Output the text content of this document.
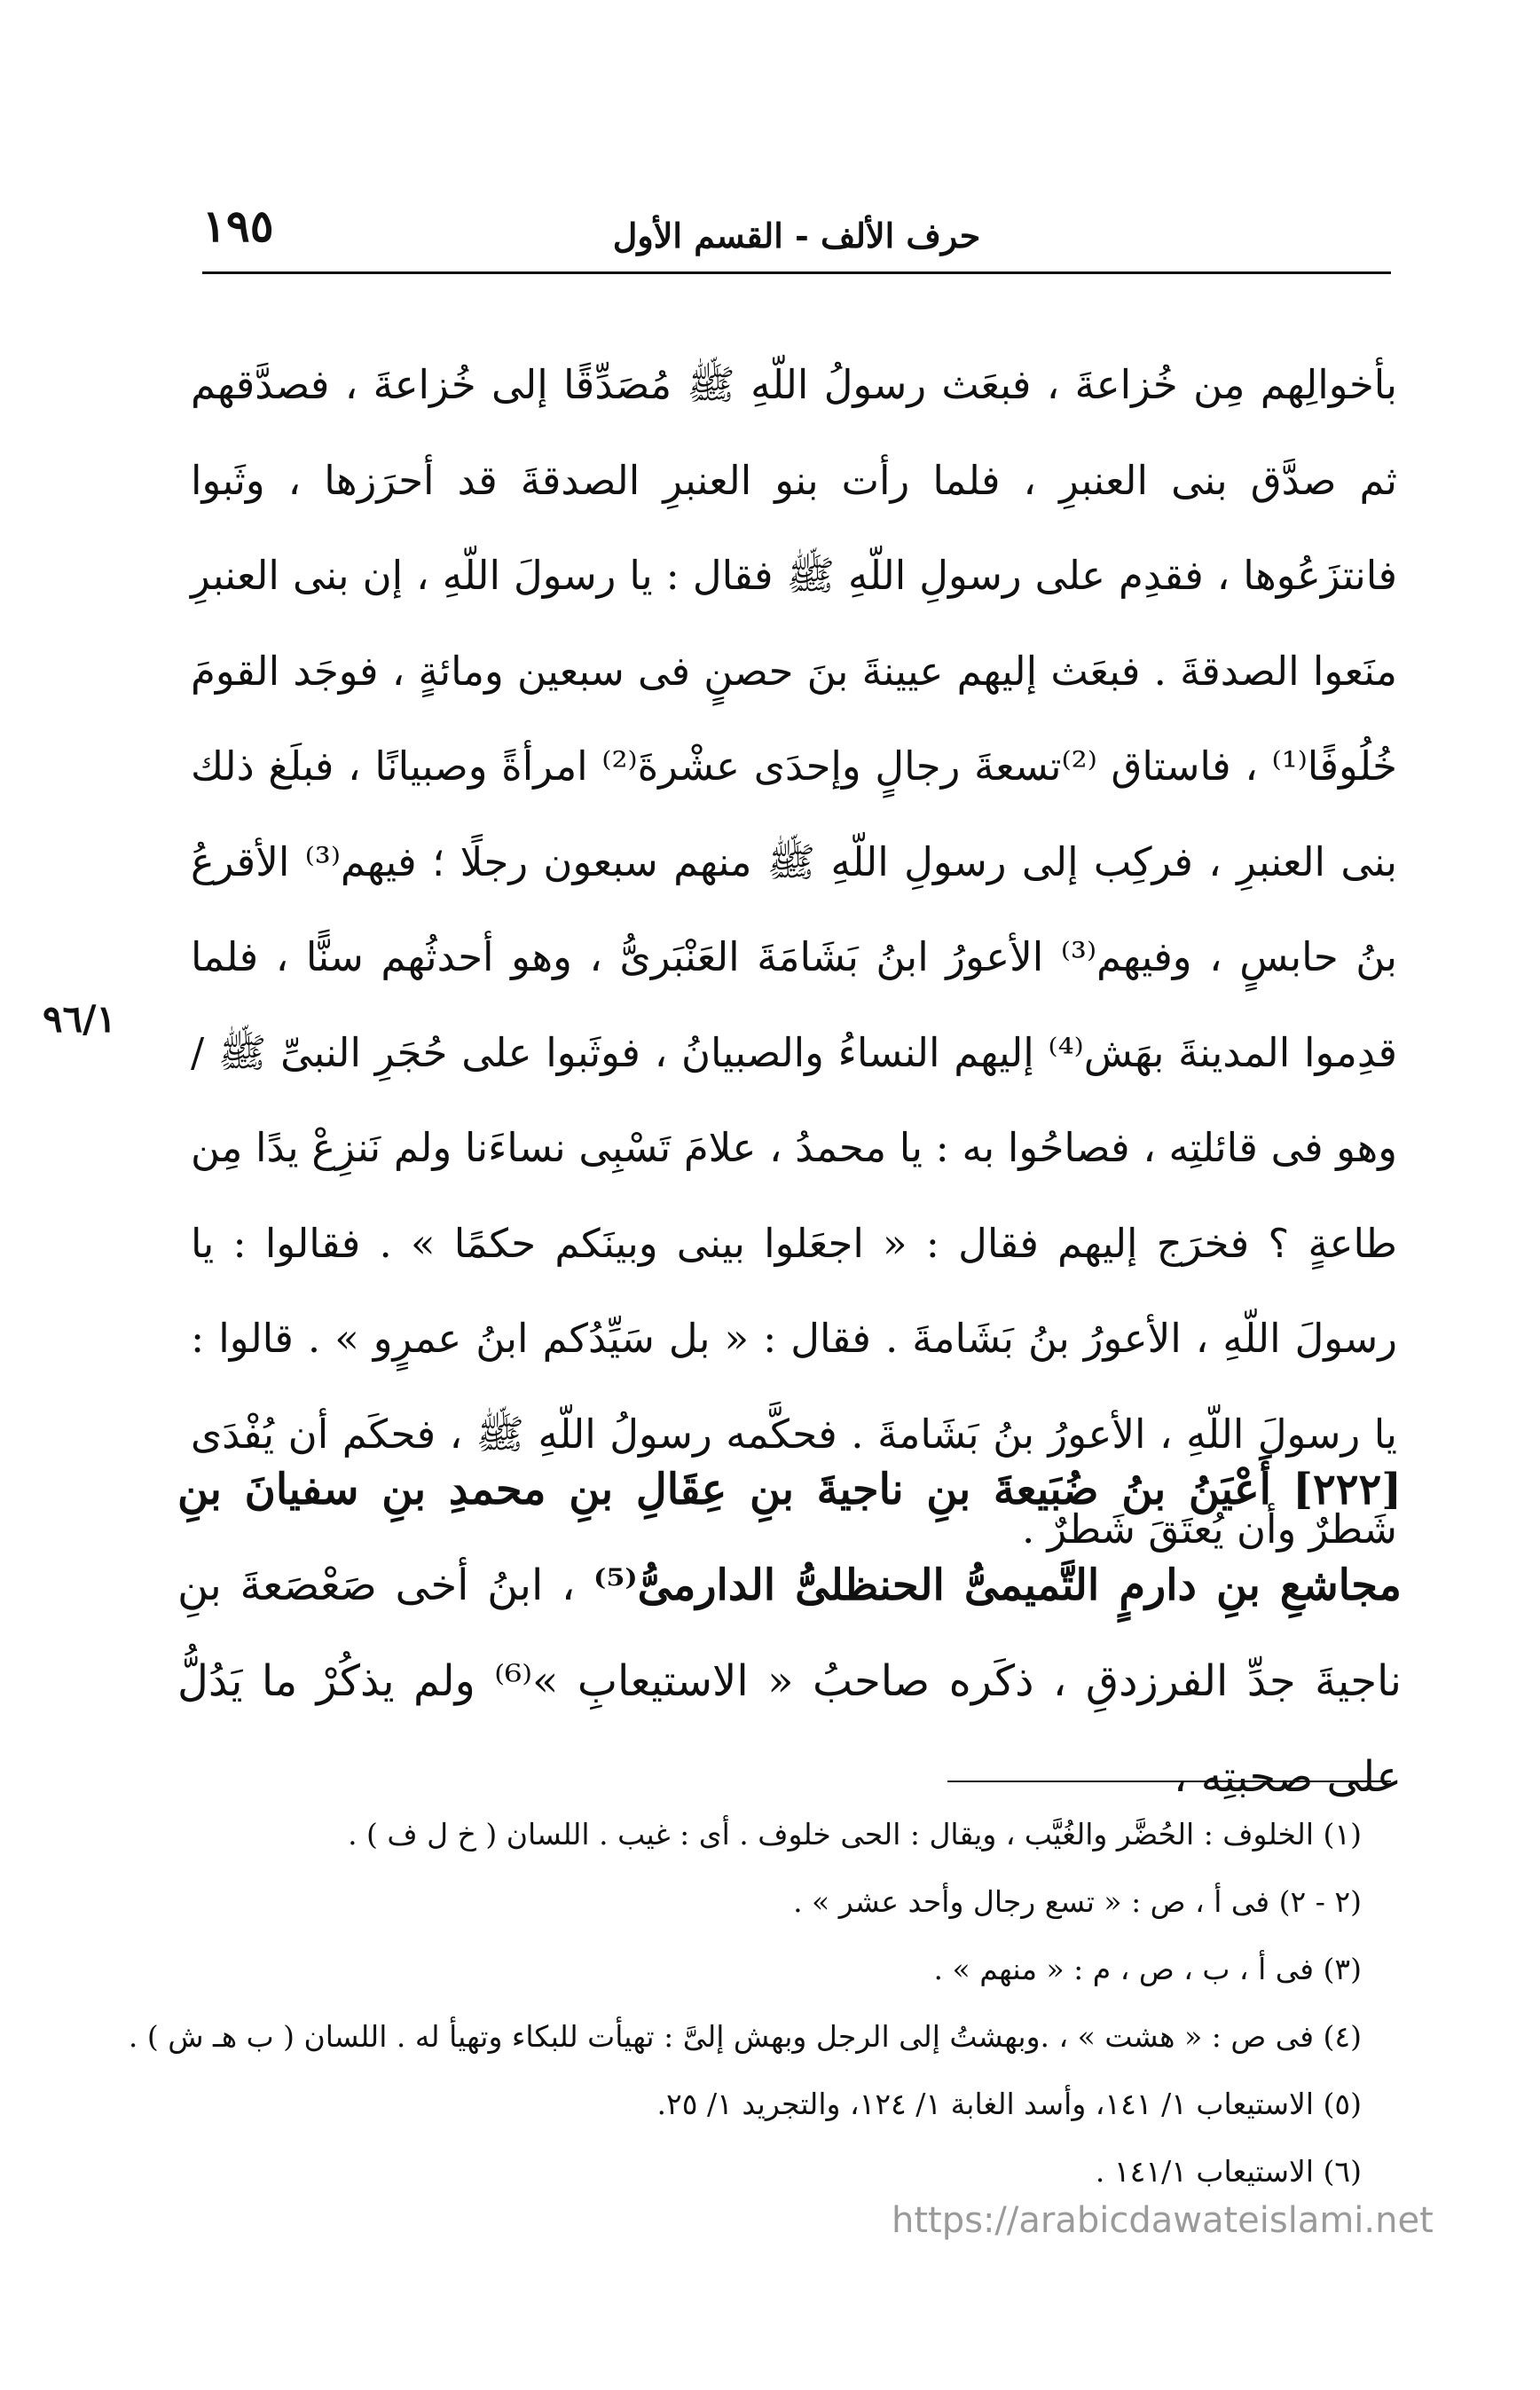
١٩٥	حرف الألف - القسم الأول

بأخوالِهم مِن خُزاعةَ ، فبعَث رسولُ اللّهِ ﷺ مُصَدِّقًا إلى خُزاعةَ ، فصدَّقهم ثم صدَّق بنى العنبرِ ، فلما رأت بنو العنبرِ الصدقةَ قد أحرَزها ، وثَبوا فانتزَعُوها ، فقدِم على رسولِ اللّهِ ﷺ فقال : يا رسولَ اللّهِ ، إن بنى العنبرِ منَعوا الصدقةَ . فبعَث إليهم عيينةَ بنَ حصنٍ فى سبعين ومائةٍ ، فوجَد القومَ خُلُوفًا⁽¹⁾ ، فاستاق ⁽²⁾تسعةَ رجالٍ وإحدَى عشْرةَ⁽²⁾ امرأةً وصبيانًا ، فبلَغ ذلك بنى العنبرِ ، فركِب إلى رسولِ اللّهِ ﷺ منهم سبعون رجلًا ؛ فيهم⁽³⁾ الأقرعُ بنُ حابسٍ ، وفيهم⁽³⁾ الأعورُ ابنُ بَشَامَةَ العَنْبَرىُّ ، وهو أحدثُهم سنًّا ، فلما قدِموا المدينةَ بهَش⁽⁴⁾ إليهم النساءُ والصبيانُ ، فوثَبوا على حُجَرِ النبىِّ ﷺ /وهو فى قائلتِه ، فصاحُوا به : يا محمدُ ، علامَ تَسْبِى نساءَنا ولم نَنزِعْ يدًا مِن طاعةٍ ؟ فخرَج إليهم فقال : « اجعَلوا بينى وبينَكم حكمًا » . فقالوا : يا رسولَ اللّهِ ، الأعورُ بنُ بَشَامةَ . فقال : « بل سَيِّدُكم ابنُ عمرٍو » . قالوا : يا رسولَ اللّهِ ، الأعورُ بنُ بَشَامةَ . فحكَّمه رسولُ اللّهِ ﷺ ، فحكَم أن يُفْدَى شَطرٌ وأن يُعتَقَ شَطرٌ .

٩٦/١

[٢٢٢] أَعْيَنُ بنُ ضُبَيعةَ بنِ ناجيةَ بنِ عِقَالِ بنِ محمدِ بنِ سفيانَ بنِ مجاشعِ بنِ دارمٍ التَّميمىُّ الحنظلىُّ الدارمىُّ⁽⁵⁾ ، ابنُ أخى صَعْصَعةَ بنِ ناجيةَ جدِّ الفرزدقِ ، ذكَره صاحبُ « الاستيعابِ »⁽⁶⁾ ولم يذكُرْ ما يَدُلُّ على صحبتِه ،

(١) الخلوف : الحُضَّر والغُيَّب ، ويقال : الحى خلوف . أى : غيب . اللسان ( خ ل ف ) .
(٢ - ٢) فى أ ، ص : « تسع رجال وأحد عشر » .
(٣) فى أ ، ب ، ص ، م : « منهم » .
(٤) فى ص : « هشت » ، .وبهشتُ إلى الرجل وبهش إلىَّ : تهيأت للبكاء وتهيأ له . اللسان ( ب هـ ش ) .
(٥) الاستيعاب ١/ ١٤١، وأسد الغابة ١/ ١٢٤، والتجريد ١/ ٢٥.
(٦) الاستيعاب ١٤١/١ .
https://arabicdawateislami.net
